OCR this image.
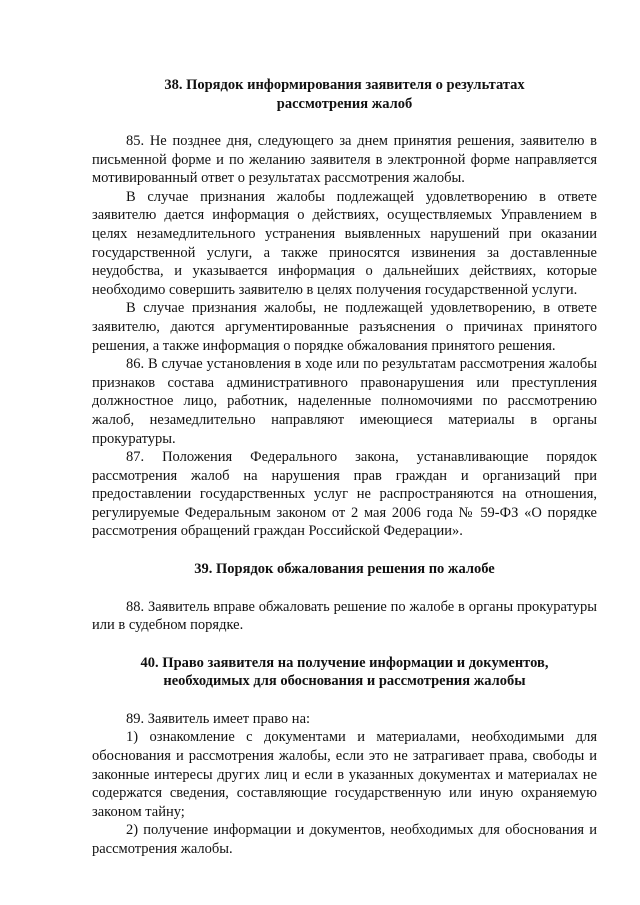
38. Порядок информирования заявителя о результатах
рассмотрения жалоб

85. Не позднее дня, следующего за днем принятия решения, заявителю в письменной форме и по желанию заявителя в электронной форме направляется мотивированный ответ о результатах рассмотрения жалобы.

В случае признания жалобы подлежащей удовлетворению в ответе заявителю дается информация о действиях, осуществляемых Управлением в целях незамедлительного устранения выявленных нарушений при оказании государственной услуги, а также приносятся извинения за доставленные неудобства, и указывается информация о дальнейших действиях, которые необходимо совершить заявителю в целях получения государственной услуги.

В случае признания жалобы, не подлежащей удовлетворению, в ответе заявителю, даются аргументированные разъяснения о причинах принятого решения, а также информация о порядке обжалования принятого решения.

86. В случае установления в ходе или по результатам рассмотрения жалобы признаков состава административного правонарушения или преступления должностное лицо, работник, наделенные полномочиями по рассмотрению жалоб, незамедлительно направляют имеющиеся материалы в органы прокуратуры.

87. Положения Федерального закона, устанавливающие порядок рассмотрения жалоб на нарушения прав граждан и организаций при предоставлении государственных услуг не распространяются на отношения, регулируемые Федеральным законом от 2 мая 2006 года № 59-ФЗ «О порядке рассмотрения обращений граждан Российской Федерации».

39. Порядок обжалования решения по жалобе

88. Заявитель вправе обжаловать решение по жалобе в органы прокуратуры или в судебном порядке.

40. Право заявителя на получение информации и документов,
необходимых для обоснования и рассмотрения жалобы

89. Заявитель имеет право на:

1) ознакомление с документами и материалами, необходимыми для обоснования и рассмотрения жалобы, если это не затрагивает права, свободы и законные интересы других лиц и если в указанных документах и материалах не содержатся сведения, составляющие государственную или иную охраняемую законом тайну;

2) получение информации и документов, необходимых для обоснования и рассмотрения жалобы.
